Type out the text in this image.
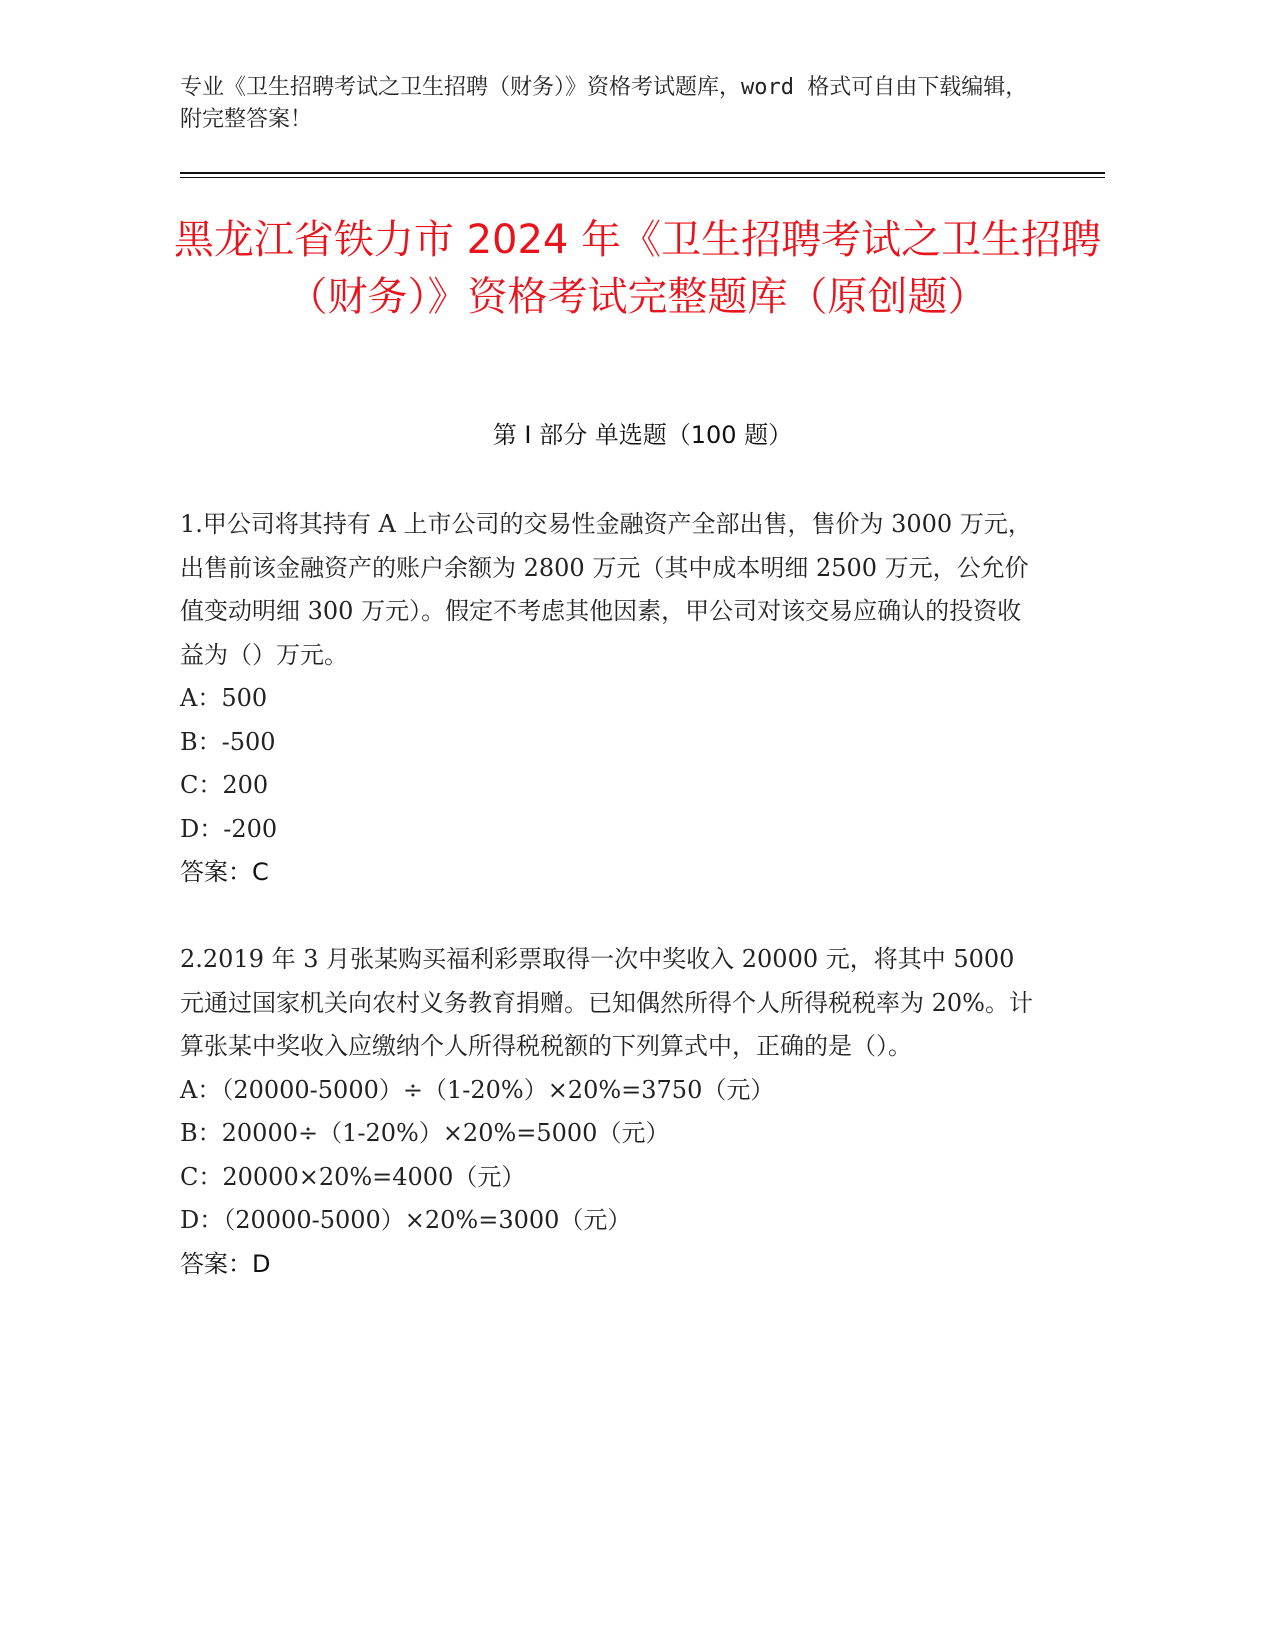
专业《卫生招聘考试之卫生招聘（财务）》资格考试题库，word 格式可自由下载编辑，附完整答案！
黑龙江省铁力市 2024 年《卫生招聘考试之卫生招聘（财务）》资格考试完整题库（原创题）
第 I 部分 单选题（100 题）

1.甲公司将其持有 A 上市公司的交易性金融资产全部出售，售价为 3000 万元，出售前该金融资产的账户余额为 2800 万元（其中成本明细 2500 万元，公允价值变动明细 300 万元）。假定不考虑其他因素，甲公司对该交易应确认的投资收益为（）万元。

A：500
B：-500
C：200
D：-200
答案：C

2.2019 年 3 月张某购买福利彩票取得一次中奖收入 20000 元，将其中 5000 元通过国家机关向农村义务教育捐赠。已知偶然所得个人所得税税率为 20%。计算张某中奖收入应缴纳个人所得税税额的下列算式中，正确的是（）。

A：（20000-5000）÷（1-20%）×20%=3750（元）
B：20000÷（1-20%）×20%=5000（元）
C：20000×20%=4000（元）
D：（20000-5000）×20%=3000（元）
答案：D
